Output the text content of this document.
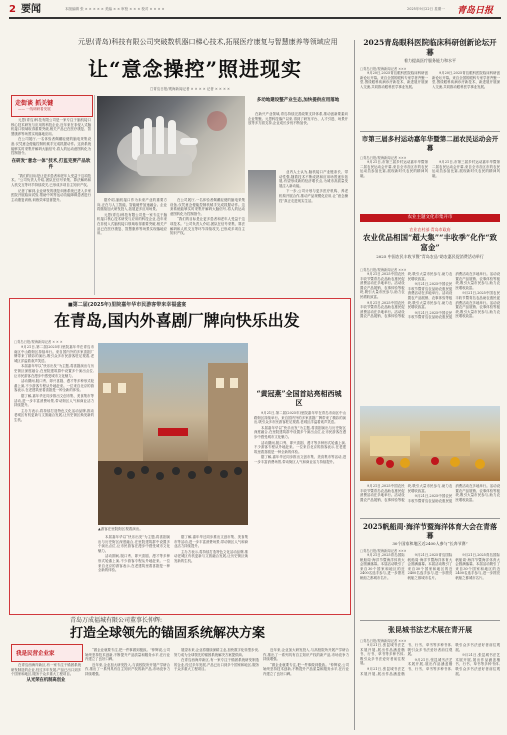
2 要闻	本版编辑 张 × × × × × 美编 × × 审校 × × × 校对 × × × ×	2025年9月22日 星期一 青岛日报
元思(青岛)科技有限公司突破数机器口梯心技术,拓展医疗康复与智慧康养等领域应用
让“意念操控”照进现实
□青岛日报/观海新闻记者 × × × × 记者 × × × ×
走街谈 抓关键
—— 一线调研看发展

元思(青岛)科技有限公司是一家专注于脑机接口核心技术研发与应用的科技企业,近年来在非侵入式脑机接口领域取得重要突破,相关产品已在医疗康复、智慧康养等场景实现落地应用。

在公司展厅,一名体验者佩戴轻便的脑电采集设备,仅凭意念便能控制机械手完成抓握动作。这套系统能够实时采集并解码大脑信号,将人的运动意图转化为控制指令。

在研发“意念一体”技术,打监克要产品软件

“我们的目标是让更多患者和老年人受益于这项技术。”公司负责人介绍,团队在信号采集、算法解码和人机交互等环节持续攻关,已形成多项自主知识产权。

记者了解到,企业研发的康复训练系统已进入多家医院开展临床试验,帮助中风等运动功能障碍患者进行主动康复训练,训练效率显著提升。	据介绍,脑机接口作为未来产业的重要方向,正在与人工智能、智能硬件加速融合。企业将继续加大研发投入,拓展更多应用场景。

元思(青岛)科技有限公司是一家专注于脑机接口核心技术研发与应用的科技企业,近年来在非侵入式脑机接口领域取得重要突破,相关产品已在医疗康复、智慧康养等场景实现落地应用。

在公司展厅,一名体验者佩戴轻便的脑电采集设备,仅凭意念便能控制机械手完成抓握动作。这套系统能够实时采集并解码大脑信号,将人的运动意图转化为控制指令。

“我们的目标是让更多患者和老年人受益于这项技术。”公司负责人介绍,团队在信号采集、算法解码和人机交互等环节持续攻关,已形成多项自主知识产权。

多动地建设整产业生态,加快提供应用落地

在新兴产业领域,青岛持续完善政策支持体系,推动创新要素向企业集聚。元思科技落户以来,得到了研发平台、人才引进、场景开放等多方面支持,企业成长步伐不断加快。

业内人士认为,脑机接口产业链条长、带动性强,随着技术不断成熟和应用场景逐步拓展,有望形成新的经济增长点,为城市高质量发展注入新动能。

下一步,公司计划与更多医疗机构、养老机构开展合作,推动产品规模化应用,让“意念操控”真正走进现实生活。

■第二届(2025年)里院嘉年华市民游客带来幸福盛宴
在青岛,国内外喜剧厂牌向快乐出发
□青岛日报/观海新闻记者 × × ×

9月21日,第二届(2025年)里院嘉年华在青岛市南区中山路街区持续举行。来自国内外的多家喜剧厂牌带来了精彩的演出,吸引众多市民游客驻足观看,老城区洋溢着欢声笑语。

本届嘉年华以“快乐出发”为主题,将喜剧演出与历史街区深度融合,在里院建筑群中设置多个演出点位,让市民游客在漫步中感受城市文化魅力。

活动期间,脱口秀、即兴喜剧、漫才等多种形式轮番上演,不少游客专程从外地赶来。一位来自北京的游客表示,在老建筑里看喜剧是一种全新的体验。

据了解,嘉年华还同步推出文创市集、美食集市等活动,进一步丰富消费场景,带动街区人气和商业活力持续提升。

主办方表示,将持续打造特色文化活动品牌,推动老城区有机更新与文旅融合发展,让历史街区焕发新的生机。

▲游客在里院街区观看演出。

本届嘉年华以“快乐出发”为主题,将喜剧演出与历史街区深度融合,在里院建筑群中设置多个演出点位,让市民游客在漫步中感受城市文化魅力。

活动期间,脱口秀、即兴喜剧、漫才等多种形式轮番上演,不少游客专程从外地赶来。一位来自北京的游客表示,在老建筑里看喜剧是一种全新的体验。

据了解,嘉年华还同步推出文创市集、美食集市等活动,进一步丰富消费场景,带动街区人气和商业活力持续提升。

主办方表示,将持续打造特色文化活动品牌,推动老城区有机更新与文旅融合发展,让历史街区焕发新的生机。

“黄冠燕”全国首站亮相西城区

9月21日,第二届(2025年)里院嘉年华在青岛市南区中山路街区持续举行。来自国内外的多家喜剧厂牌带来了精彩的演出,吸引众多市民游客驻足观看,老城区洋溢着欢声笑语。

本届嘉年华以“快乐出发”为主题,将喜剧演出与历史街区深度融合,在里院建筑群中设置多个演出点位,让市民游客在漫步中感受城市文化魅力。

活动期间,脱口秀、即兴喜剧、漫才等多种形式轮番上演,不少游客专程从外地赶来。一位来自北京的游客表示,在老建筑里看喜剧是一种全新的体验。

据了解,嘉年华还同步推出文创市集、美食集市等活动,进一步丰富消费场景,带动街区人气和商业活力持续提升。

青岛万成福城有限公司董事长仲辉:
打造全球领先的锚固系统解决方案
我是民营企业家

在青岛西海岸新区,有一家专注于锚固系统研发制造的企业,经过多年发展,产品已出口到多个国家和地区,服务于众多重大工程项目。

从光荣在机制高创业

“做企业就要专注,把一件事做到极致。”仲辉说,公司始终坚持技术创新,不断提升产品质量和服务水平,在行业内建立了良好口碑。

近年来,企业加大研发投入,与高校院所开展产学研合作,推出了一系列具有自主知识产权的新产品,市场竞争力持续增强。

展望未来,企业将继续深耕主业,加快数字化转型步伐,努力成为全球领先的锚固系统解决方案提供商。

在青岛西海岸新区,有一家专注于锚固系统研发制造的企业,经过多年发展,产品已出口到多个国家和地区,服务于众多重大工程项目。

近年来,企业加大研发投入,与高校院所开展产学研合作,推出了一系列具有自主知识产权的新产品,市场竞争力持续增强。

“做企业就要专注,把一件事做到极致。”仲辉说,公司始终坚持技术创新,不断提升产品质量和服务水平,在行业内建立了良好口碑。

2025青岛眼科医院临床科研创新论坛开幕
着力提高医疗服务能力和水平
□青岛日报/观海新闻记者 ×××

9月20日,2025青岛眼科医院临床科研创新论坛开幕。来自全国的眼科专家学者齐聚一堂,围绕眼科疾病诊疗新技术、新进展开展深入交流,共同推动眼科医学事业发展。

9月20日,2025青岛眼科医院临床科研创新论坛开幕。来自全国的眼科专家学者齐聚一堂,围绕眼科疾病诊疗新技术、新进展开展深入交流,共同推动眼科医学事业发展。

市第三届多村运动嘉年华暨第二届农民运动会开幕
□青岛日报/观海新闻记者 ×××

9月21日,市第三届乡村运动嘉年华暨第二届农民运动会开幕,来自全市各区市的农民运动员参加比赛,展现新时代农民的精神风貌。

9月21日,市第三届乡村运动嘉年华暨第二届农民运动会开幕,来自全市各区市的农民运动员参加比赛,展现新时代农民的精神风貌。

农业主题文化市集开市
农业农村部·青岛市政府
农业优品相国“超大集”“丰收季”化作“致富金”
2025 中国农民丰收节暨“青岛农品”助农惠民促消费活动举行
□青岛日报/观海新闻记者 ×××

9月21日,2025中国农民丰收节暨青岛农品助农惠民促消费活动在多地举行。活动设置农产品展销、农事体验等板块,吸引大量市民参与,助力农民增收致富。

9月21日,2025中国农民丰收节暨青岛农品助农惠民促消费活动在多地举行。活动设置农产品展销、农事体验等板块,吸引大量市民参与,助力农民增收致富。

9月21日,2025中国农民丰收节暨青岛农品助农惠民促消费活动在多地举行。活动设置农产品展销、农事体验等板块,吸引大量市民参与,助力农民增收致富。

9月21日,2025中国农民丰收节暨青岛农品助农惠民促消费活动在多地举行。活动设置农产品展销、农事体验等板块,吸引大量市民参与,助力农民增收致富。

9月21日,2025中国农民丰收节暨青岛农品助农惠民促消费活动在多地举行。活动设置农产品展销、农事体验等板块,吸引大量市民参与,助力农民增收致富。

9月21日,2025中国农民丰收节暨青岛农品助农惠民促消费活动在多地举行。活动设置农产品展销、农事体验等板块,吸引大量市民参与,助力农民增收致富。

9月21日,2025中国农民丰收节暨青岛农品助农惠民促消费活动在多地举行。活动设置农产品展销、农事体验等板块,吸引大量市民参与,助力农民增收致富。

2025帆船周·海洋节暨海洋体育大会在青落幕
30个国家和地区近2400人参与“长奔节赛”
□青岛日报/观海新闻记者 ×××

9月21日,2025青岛国际帆船周·海洋节暨海洋体育大会圆满落幕。本届活动吸引了来自30个国家和地区的近2400名选手参与,进一步擦亮帆船之都城市名片。

9月21日,2025青岛国际帆船周·海洋节暨海洋体育大会圆满落幕。本届活动吸引了来自30个国家和地区的近2400名选手参与,进一步擦亮帆船之都城市名片。

9月21日,2025青岛国际帆船周·海洋节暨海洋体育大会圆满落幕。本届活动吸引了来自30个国家和地区的近2400名选手参与,进一步擦亮帆船之都城市名片。

张昆城书法艺术展在青开展
□青岛日报/观海新闻记者 ×××

9月21日,张昆城书法艺术展开展,展出作品涵盖楷书、行书、草书等多种书体,吸引众多书法爱好者前往观展。

9月21日,张昆城书法艺术展开展,展出作品涵盖楷书、行书、草书等多种书体,吸引众多书法爱好者前往观展。

9月21日,张昆城书法艺术展开展,展出作品涵盖楷书、行书、草书等多种书体,吸引众多书法爱好者前往观展。

9月21日,张昆城书法艺术展开展,展出作品涵盖楷书、行书、草书等多种书体,吸引众多书法爱好者前往观展。
